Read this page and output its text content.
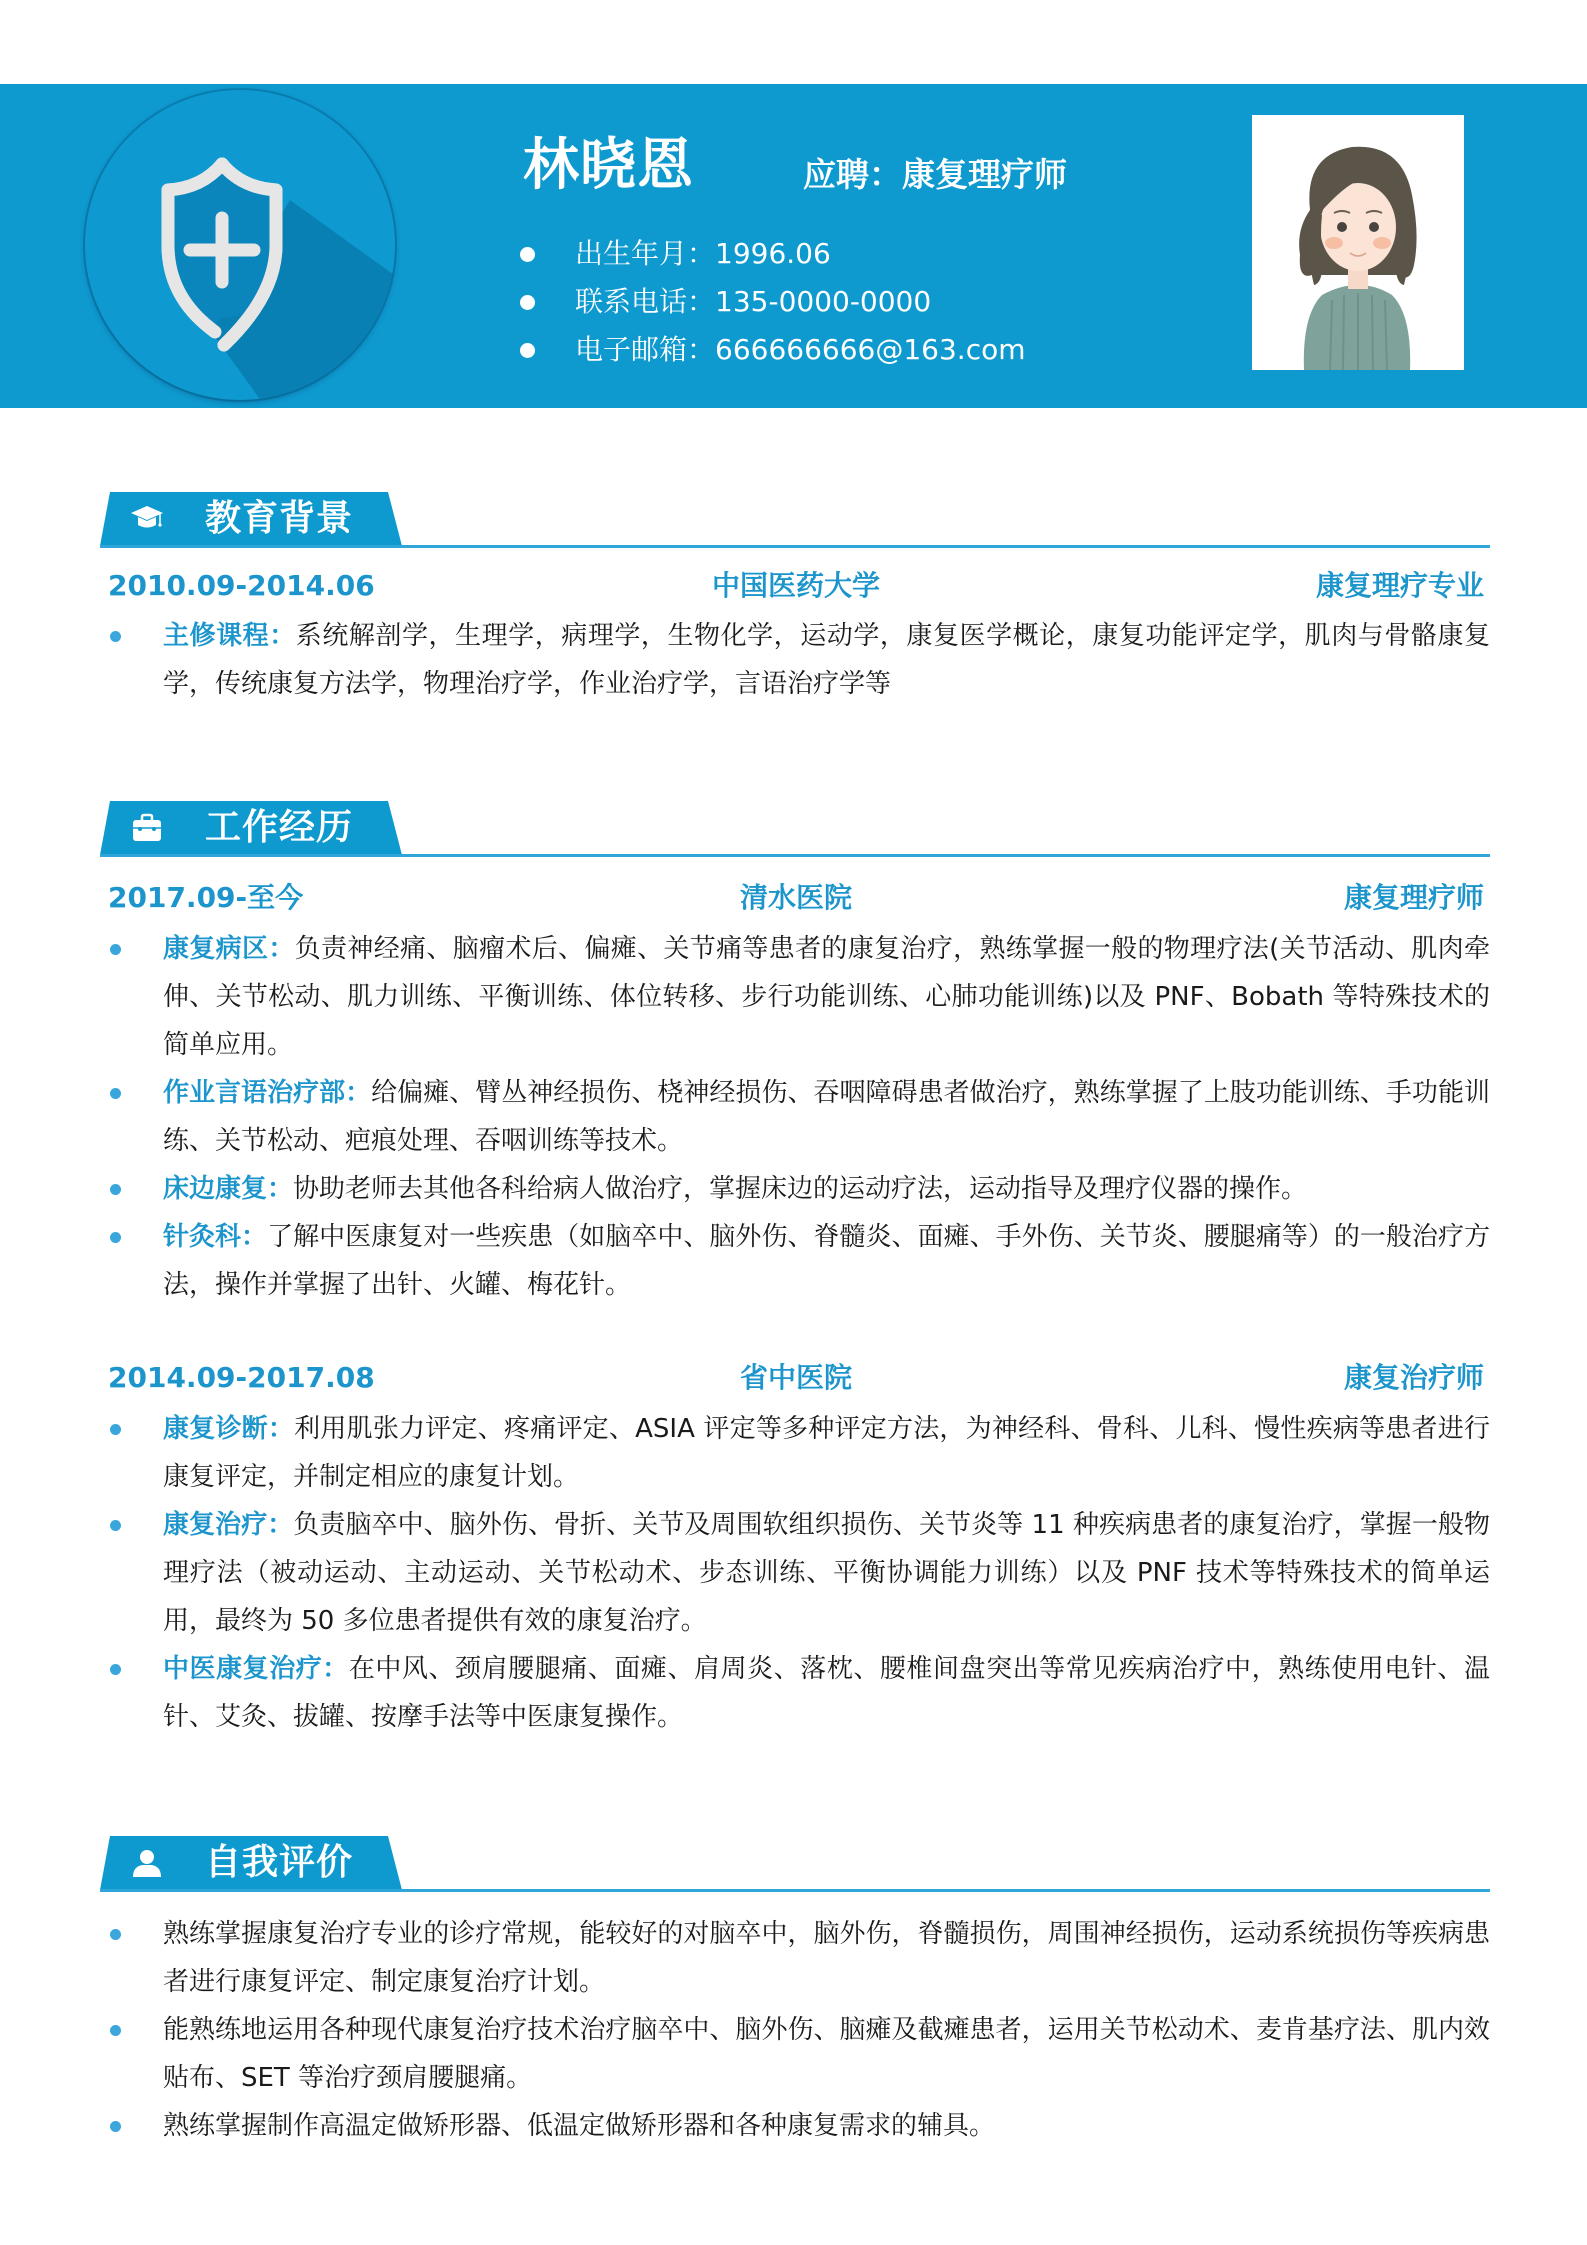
林晓恩	应聘：康复理疗师
出生年月：1996.06
联系电话：135-0000-0000
电子邮箱：666666666@163.com
教育背景
2010.09-2014.06	中国医药大学	康复理疗专业
主修课程：系统解剖学，生理学，病理学，生物化学，运动学，康复医学概论，康复功能评定学，肌肉与骨骼康复学，传统康复方法学，物理治疗学，作业治疗学，言语治疗学等
工作经历
2017.09-至今	清水医院	康复理疗师
康复病区：负责神经痛、脑瘤术后、偏瘫、关节痛等患者的康复治疗，熟练掌握一般的物理疗法(关节活动、肌肉牵伸、关节松动、肌力训练、平衡训练、体位转移、步行功能训练、心肺功能训练)以及 PNF、Bobath 等特殊技术的简单应用。
作业言语治疗部：给偏瘫、臂丛神经损伤、桡神经损伤、吞咽障碍患者做治疗，熟练掌握了上肢功能训练、手功能训练、关节松动、疤痕处理、吞咽训练等技术。
床边康复：协助老师去其他各科给病人做治疗，掌握床边的运动疗法，运动指导及理疗仪器的操作。
针灸科：了解中医康复对一些疾患（如脑卒中、脑外伤、脊髓炎、面瘫、手外伤、关节炎、腰腿痛等）的一般治疗方法，操作并掌握了出针、火罐、梅花针。
2014.09-2017.08	省中医院	康复治疗师
康复诊断：利用肌张力评定、疼痛评定、ASIA 评定等多种评定方法，为神经科、骨科、儿科、慢性疾病等患者进行康复评定，并制定相应的康复计划。
康复治疗：负责脑卒中、脑外伤、骨折、关节及周围软组织损伤、关节炎等 11 种疾病患者的康复治疗，掌握一般物理疗法（被动运动、主动运动、关节松动术、步态训练、平衡协调能力训练）以及 PNF 技术等特殊技术的简单运用，最终为 50 多位患者提供有效的康复治疗。
中医康复治疗：在中风、颈肩腰腿痛、面瘫、肩周炎、落枕、腰椎间盘突出等常见疾病治疗中，熟练使用电针、温针、艾灸、拔罐、按摩手法等中医康复操作。
自我评价
熟练掌握康复治疗专业的诊疗常规，能较好的对脑卒中，脑外伤，脊髓损伤，周围神经损伤，运动系统损伤等疾病患者进行康复评定、制定康复治疗计划。
能熟练地运用各种现代康复治疗技术治疗脑卒中、脑外伤、脑瘫及截瘫患者，运用关节松动术、麦肯基疗法、肌内效贴布、SET 等治疗颈肩腰腿痛。
熟练掌握制作高温定做矫形器、低温定做矫形器和各种康复需求的辅具。
